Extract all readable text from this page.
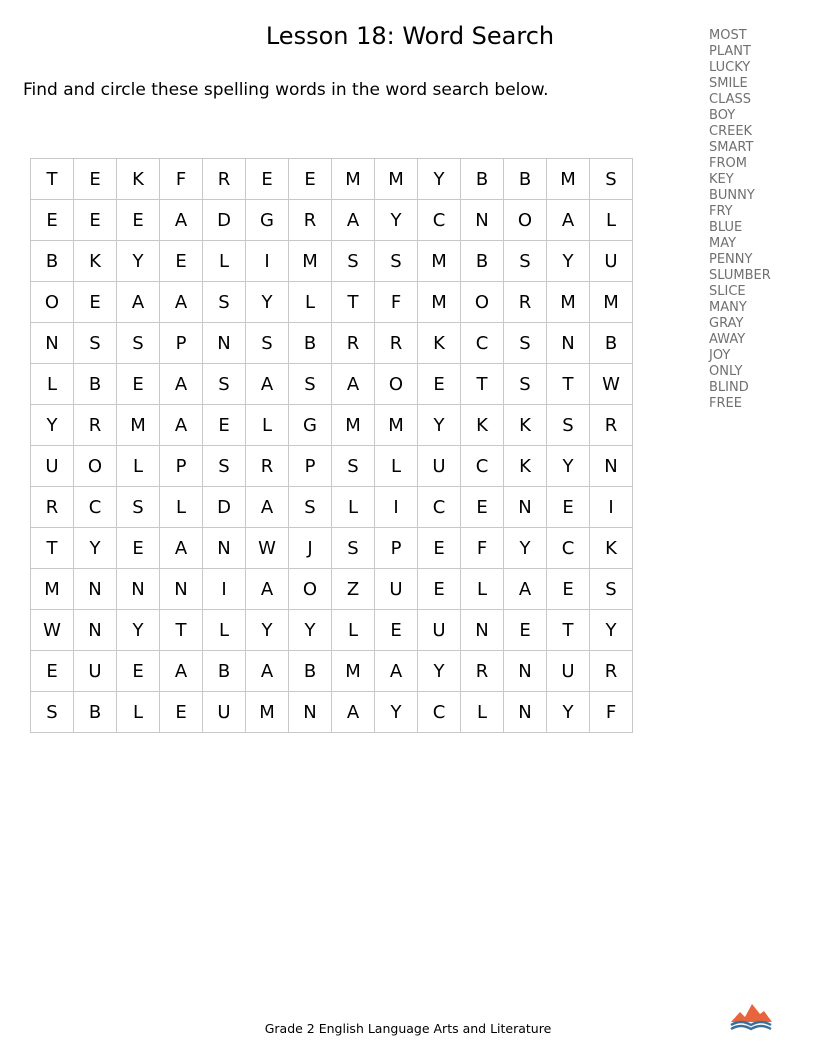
Lesson 18: Word Search

Find and circle these spelling words in the word search below.

MOST
PLANT
LUCKY
SMILE
CLASS
BOY
CREEK
SMART
FROM
KEY
BUNNY
FRY
BLUE
MAY
PENNY
SLUMBER
SLICE
MANY
GRAY
AWAY
JOY
ONLY
BLIND
FREE
T	E	K	F	R	E	E	M	M	Y	B	B	M	S
E	E	E	A	D	G	R	A	Y	C	N	O	A	L
B	K	Y	E	L	I	M	S	S	M	B	S	Y	U
O	E	A	A	S	Y	L	T	F	M	O	R	M	M
N	S	S	P	N	S	B	R	R	K	C	S	N	B
L	B	E	A	S	A	S	A	O	E	T	S	T	W
Y	R	M	A	E	L	G	M	M	Y	K	K	S	R
U	O	L	P	S	R	P	S	L	U	C	K	Y	N
R	C	S	L	D	A	S	L	I	C	E	N	E	I
T	Y	E	A	N	W	J	S	P	E	F	Y	C	K
M	N	N	N	I	A	O	Z	U	E	L	A	E	S
W	N	Y	T	L	Y	Y	L	E	U	N	E	T	Y
E	U	E	A	B	A	B	M	A	Y	R	N	U	R
S	B	L	E	U	M	N	A	Y	C	L	N	Y	F

Grade 2 English Language Arts and Literature
